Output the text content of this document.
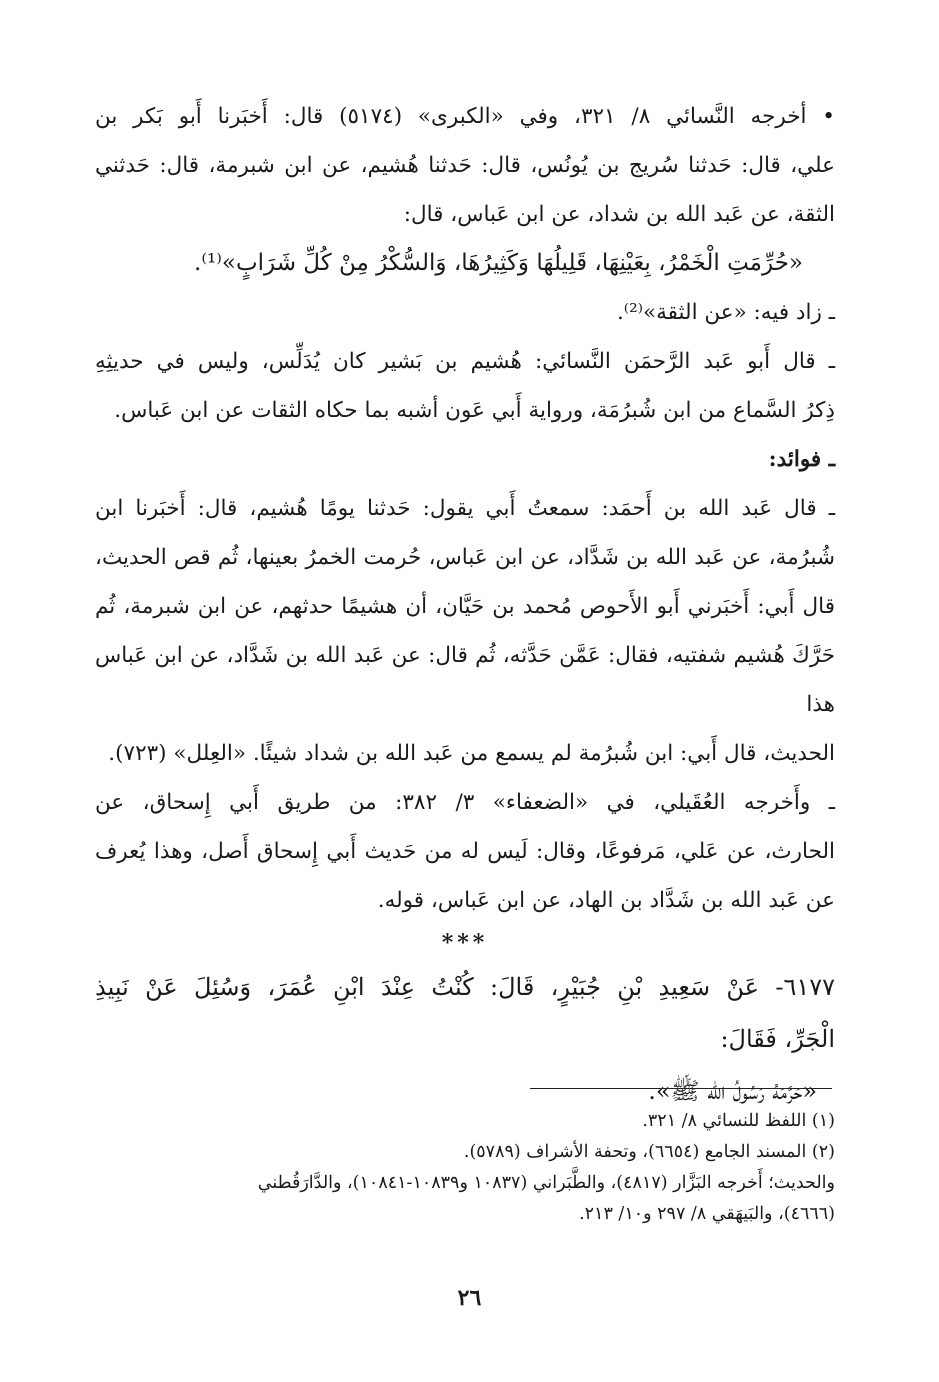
• أخرجه النَّسائي ٨/ ٣٢١، وفي «الكبرى» (٥١٧٤) قال: أَخبَرنا أَبو بَكر بن
علي، قال: حَدثنا سُريج بن يُونُس، قال: حَدثنا هُشيم، عن ابن شبرمة، قال: حَدثني
الثقة، عن عَبد الله بن شداد، عن ابن عَباس، قال:
«حُرِّمَتِ الْخَمْرُ، بِعَيْنِهَا، قَلِيلُهَا وَكَثِيرُهَا، وَالسُّكْرُ مِنْ كُلِّ شَرَابٍ»⁽¹⁾.
ـ زاد فيه: «عن الثقة»⁽²⁾.
ـ قال أَبو عَبد الرَّحمَن النَّسائي: هُشيم بن بَشير كان يُدَلِّس، وليس في حديثِهِ
ذِكرُ السَّماع من ابن شُبرُمَة، ورواية أَبي عَون أشبه بما حكاه الثقات عن ابن عَباس.
ـ فوائد:
ـ قال عَبد الله بن أَحمَد: سمعتُ أَبي يقول: حَدثنا يومًا هُشيم، قال: أَخبَرنا ابن
شُبرُمة، عن عَبد الله بن شَدَّاد، عن ابن عَباس، حُرمت الخمرُ بعينها، ثُم قص الحديث،
قال أَبي: أَخبَرني أَبو الأَحوص مُحمد بن حَيَّان، أن هشيمًا حدثهم، عن ابن شبرمة، ثُم
حَرَّكَ هُشيم شفتيه، فقال: عَمَّن حَدَّثه، ثُم قال: عن عَبد الله بن شَدَّاد، عن ابن عَباس هذا
الحديث، قال أَبي: ابن شُبرُمة لم يسمع من عَبد الله بن شداد شيئًا. «العِلل» (٧٢٣).
ـ وأَخرجه العُقَيلي، في «الضعفاء» ٣/ ٣٨٢: من طريق أَبي إِسحاق، عن
الحارث، عن عَلي، مَرفوعًا، وقال: لَيس له من حَديث أَبي إِسحاق أَصل، وهذا يُعرف
عن عَبد الله بن شَدَّاد بن الهاد، عن ابن عَباس، قوله.
***
٦١٧٧- عَنْ سَعِيدِ بْنِ جُبَيْرٍ، قَالَ: كُنْتُ عِنْدَ ابْنِ عُمَرَ، وَسُئِلَ عَنْ نَبِيذِ
الْجَرِّ، فَقَالَ:
«حَرَّمَهُ رَسُولُ الله ﷺ».
(١) اللفظ للنسائي ٨/ ٣٢١.
(٢) المسند الجامع (٦٦٥٤)، وتحفة الأشراف (٥٧٨٩).
والحديث؛ أَخرجه البَزَّار (٤٨١٧)، والطَّبَراني (١٠٨٣٧ و١٠٨٣٩-١٠٨٤١)، والدَّارَقُطني
(٤٦٦٦)، والبَيهَقي ٨/ ٢٩٧ و١٠/ ٢١٣.
٢٦
